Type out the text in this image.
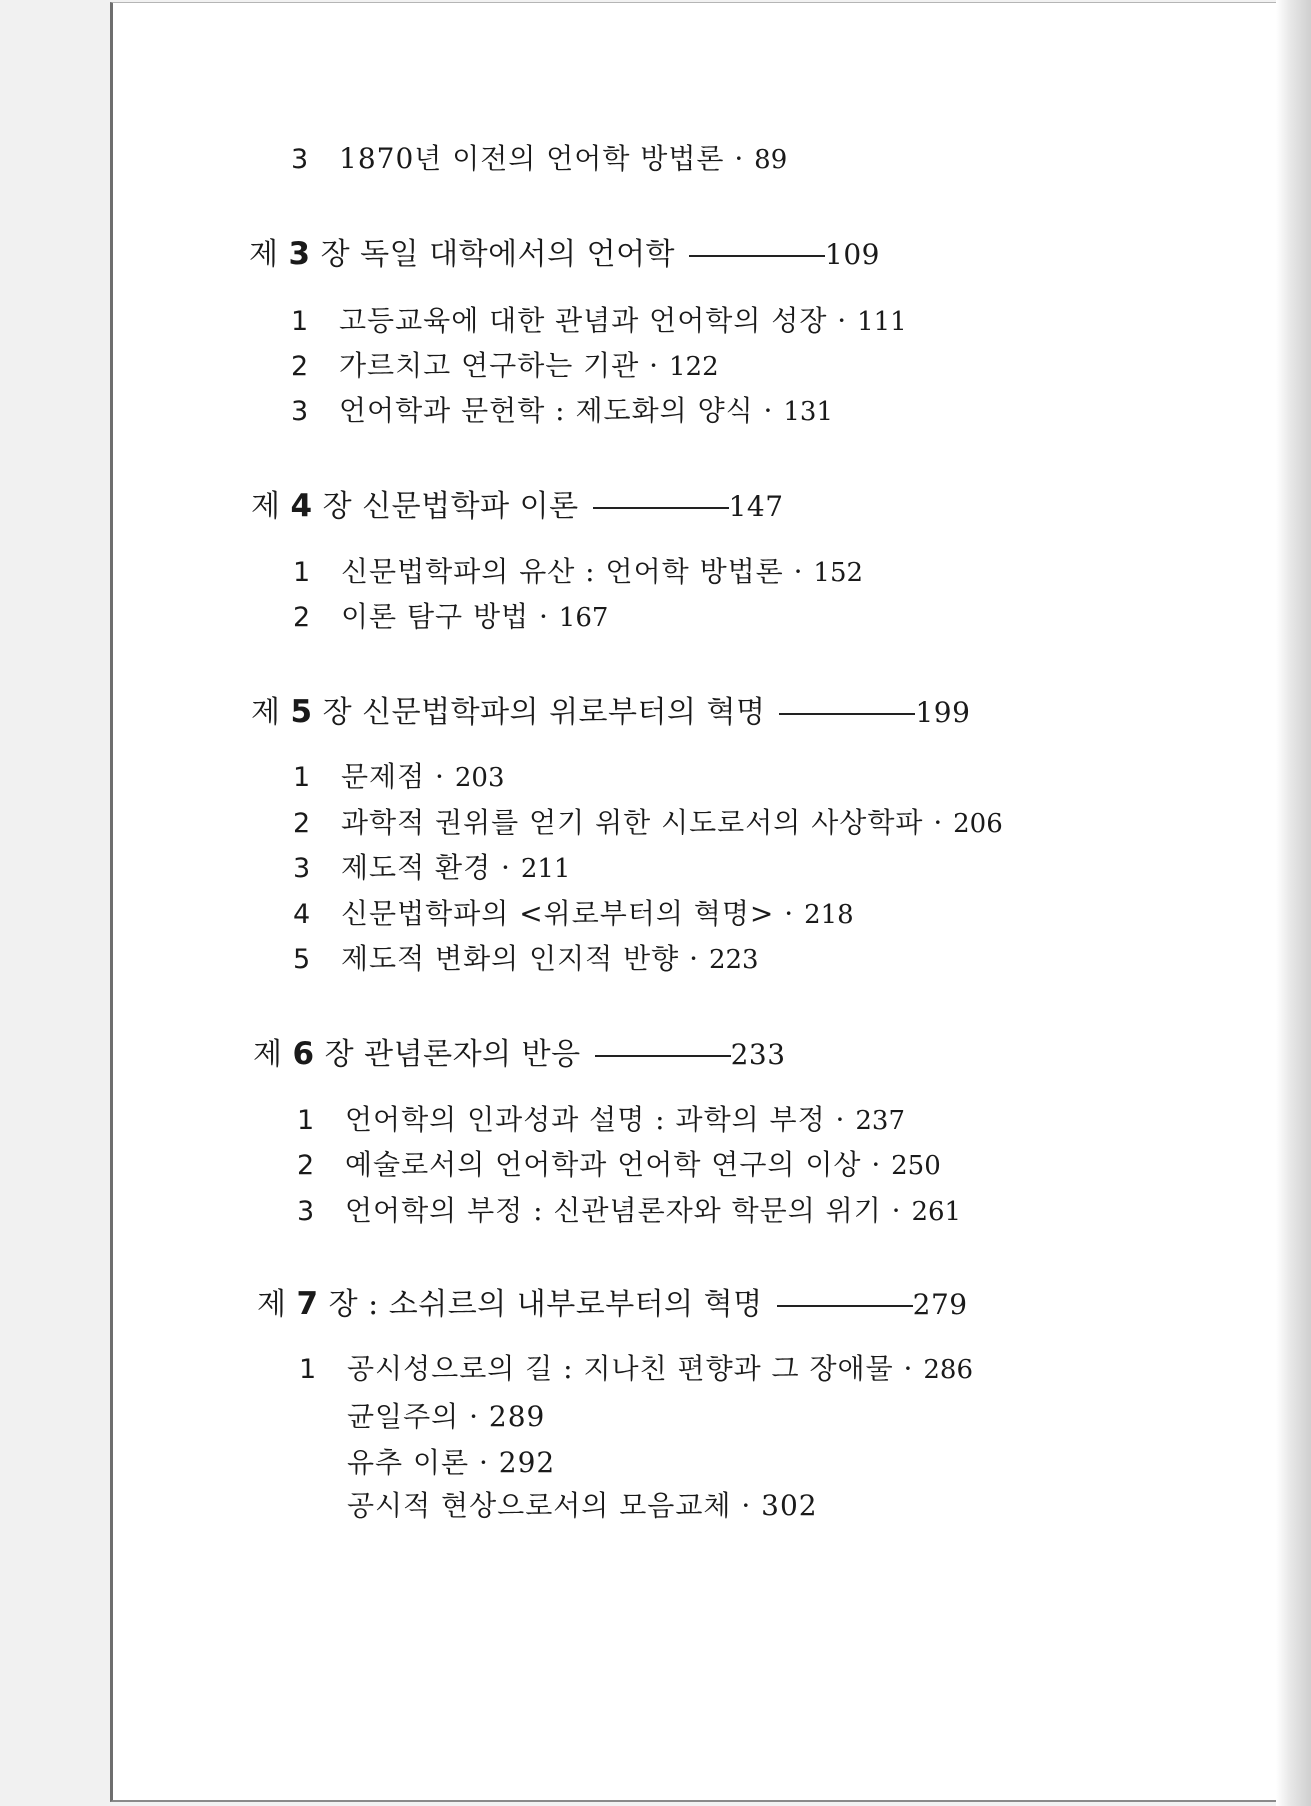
3 1870년 이전의 언어학 방법론 · 89
제 3 장 독일 대학에서의 언어학	109
1 고등교육에 대한 관념과 언어학의 성장 · 111
2 가르치고 연구하는 기관 · 122
3 언어학과 문헌학 : 제도화의 양식 · 131
제 4 장 신문법학파 이론	147
1 신문법학파의 유산 : 언어학 방법론 · 152
2 이론 탐구 방법 · 167
제 5 장 신문법학파의 위로부터의 혁명	199
1 문제점 · 203
2 과학적 권위를 얻기 위한 시도로서의 사상학파 · 206
3 제도적 환경 · 211
4 신문법학파의 <위로부터의 혁명> · 218
5 제도적 변화의 인지적 반향 · 223
제 6 장 관념론자의 반응	233
1 언어학의 인과성과 설명 : 과학의 부정 · 237
2 예술로서의 언어학과 언어학 연구의 이상 · 250
3 언어학의 부정 : 신관념론자와 학문의 위기 · 261
제 7 장 : 소쉬르의 내부로부터의 혁명	279
1 공시성으로의 길 : 지나친 편향과 그 장애물 · 286
균일주의 · 289
유추 이론 · 292
공시적 현상으로서의 모음교체 · 302
